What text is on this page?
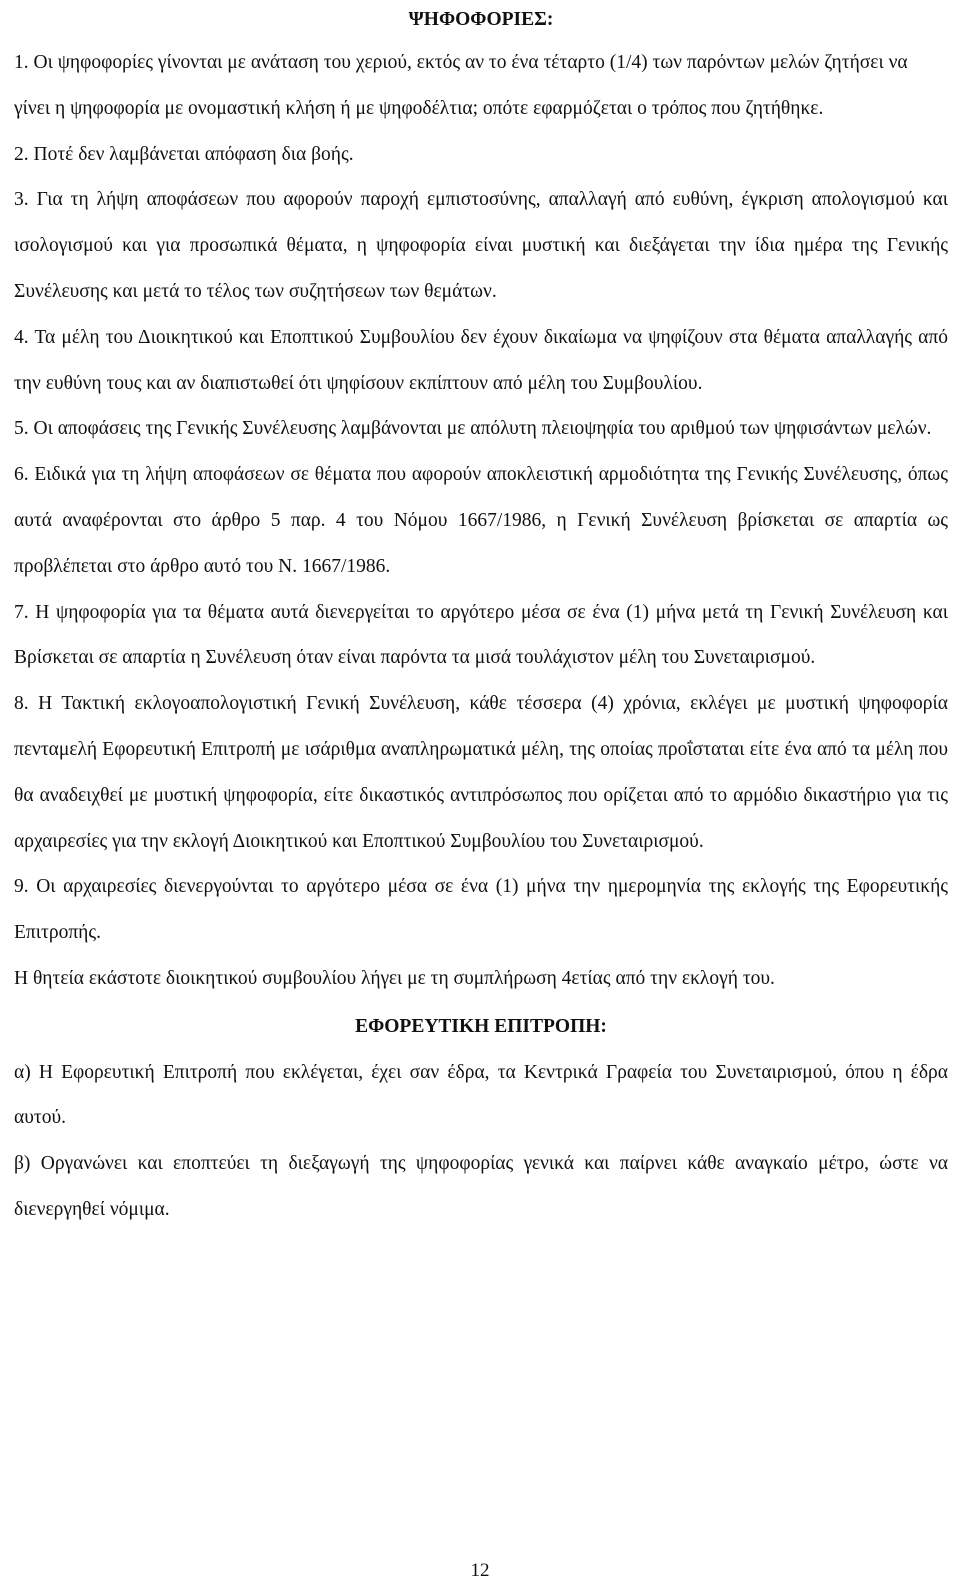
ΨΗΦΟΦΟΡΙΕΣ:

1. Οι ψηφοφορίες γίνονται με ανάταση του χεριού, εκτός αν το ένα τέταρτο (1/4) των παρόντων μελών ζητήσει να γίνει η ψηφοφορία με ονομαστική κλήση ή με ψηφοδέλτια; οπότε εφαρμόζεται ο τρόπος που ζητήθηκε.

2. Ποτέ δεν λαμβάνεται απόφαση δια βοής.

3. Για τη λήψη αποφάσεων που αφορούν παροχή εμπιστοσύνης, απαλλαγή από ευθύνη, έγκριση απολογισμού και ισολογισμού και για προσωπικά θέματα, η ψηφοφορία είναι μυστική και διεξάγεται την ίδια ημέρα της Γενικής Συνέλευσης και μετά το τέλος των συζητήσεων των θεμάτων.

4. Τα μέλη του Διοικητικού και Εποπτικού Συμβουλίου δεν έχουν δικαίωμα να ψηφίζουν στα θέματα απαλλαγής από την ευθύνη τους και αν διαπιστωθεί ότι ψηφίσουν εκπίπτουν από μέλη του Συμβουλίου.

5. Οι αποφάσεις της Γενικής Συνέλευσης λαμβάνονται με απόλυτη πλειοψηφία του αριθμού των ψηφισάντων μελών.

6. Ειδικά για τη λήψη αποφάσεων σε θέματα που αφορούν αποκλειστική αρμοδιότητα της Γενικής Συνέλευσης, όπως αυτά αναφέρονται στο άρθρο 5 παρ. 4 του Νόμου 1667/1986, η Γενική Συνέλευση βρίσκεται σε απαρτία ως προβλέπεται στο άρθρο αυτό του Ν. 1667/1986.

7. Η ψηφοφορία για τα θέματα αυτά διενεργείται το αργότερο μέσα σε ένα (1) μήνα μετά τη Γενική Συνέλευση και Βρίσκεται σε απαρτία η Συνέλευση όταν είναι παρόντα τα μισά τουλάχιστον μέλη του Συνεταιρισμού.

8. Η Τακτική εκλογοαπολογιστική Γενική Συνέλευση, κάθε τέσσερα (4) χρόνια, εκλέγει με μυστική ψηφοφορία πενταμελή Εφορευτική Επιτροπή με ισάριθμα αναπληρωματικά μέλη, της οποίας προΐσταται είτε ένα από τα μέλη που θα αναδειχθεί με μυστική ψηφοφορία, είτε δικαστικός αντιπρόσωπος που ορίζεται από το αρμόδιο δικαστήριο για τις αρχαιρεσίες για την εκλογή Διοικητικού και Εποπτικού Συμβουλίου του Συνεταιρισμού.

9. Οι αρχαιρεσίες διενεργούνται το αργότερο μέσα σε ένα (1) μήνα την ημερομηνία της εκλογής της Εφορευτικής Επιτροπής.

Η θητεία εκάστοτε διοικητικού συμβουλίου λήγει με τη συμπλήρωση 4ετίας από την εκλογή του.

ΕΦΟΡΕΥΤΙΚΗ ΕΠΙΤΡΟΠΗ:

α) Η Εφορευτική Επιτροπή που εκλέγεται, έχει σαν έδρα, τα Κεντρικά Γραφεία του Συνεταιρισμού, όπου η έδρα αυτού.

β) Οργανώνει και εποπτεύει τη διεξαγωγή της ψηφοφορίας γενικά και παίρνει κάθε αναγκαίο μέτρο, ώστε να διενεργηθεί νόμιμα.

12
